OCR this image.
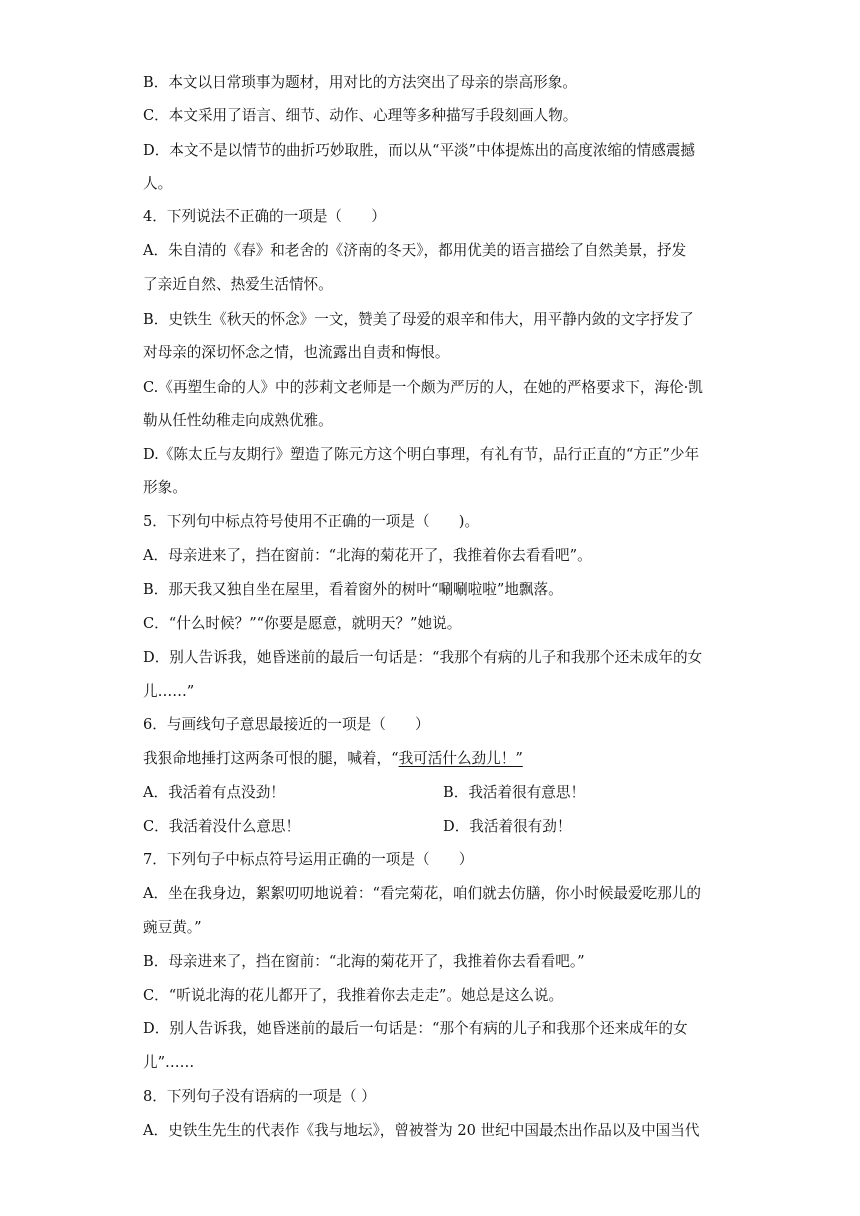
B．本文以日常琐事为题材，用对比的方法突出了母亲的崇高形象。
C．本文采用了语言、细节、动作、心理等多种描写手段刻画人物。
D．本文不是以情节的曲折巧妙取胜，而以从“平淡”中体提炼出的高度浓缩的情感震撼
人。
4．下列说法不正确的一项是（　　）
A．朱自清的《春》和老舍的《济南的冬天》，都用优美的语言描绘了自然美景，抒发
了亲近自然、热爱生活情怀。
B．史铁生《秋天的怀念》一文，赞美了母爱的艰辛和伟大，用平静内敛的文字抒发了
对母亲的深切怀念之情，也流露出自责和悔恨。
C.《再塑生命的人》中的莎莉文老师是一个颇为严厉的人，在她的严格要求下，海伦·凯
勒从任性幼稚走向成熟优雅。
D.《陈太丘与友期行》塑造了陈元方这个明白事理，有礼有节，品行正直的“方正”少年
形象。
5．下列句中标点符号使用不正确的一项是（　　)。
A．母亲进来了，挡在窗前：“北海的菊花开了，我推着你去看看吧”。
B．那天我又独自坐在屋里，看着窗外的树叶“唰唰啦啦”地飘落。
C．“什么时候？”“你要是愿意，就明天？”她说。
D．别人告诉我，她昏迷前的最后一句话是：“我那个有病的儿子和我那个还未成年的女
儿……”
6．与画线句子意思最接近的一项是（　　）
我狠命地捶打这两条可恨的腿，喊着，“我可活什么劲儿！”
A．我活着有点没劲！	B．我活着很有意思！
C．我活着没什么意思！	D．我活着很有劲！
7．下列句子中标点符号运用正确的一项是（　　）
A．坐在我身边，絮絮叨叨地说着：“看完菊花，咱们就去仿膳，你小时候最爱吃那儿的
豌豆黄。”
B．母亲进来了，挡在窗前：“北海的菊花开了，我推着你去看看吧。”
C．“听说北海的花儿都开了，我推着你去走走”。她总是这么说。
D．别人告诉我，她昏迷前的最后一句话是：“那个有病的儿子和我那个还来成年的女
儿”……
8．下列句子没有语病的一项是（ ）
A．史铁生先生的代表作《我与地坛》，曾被誉为 20 世纪中国最杰出作品以及中国当代
